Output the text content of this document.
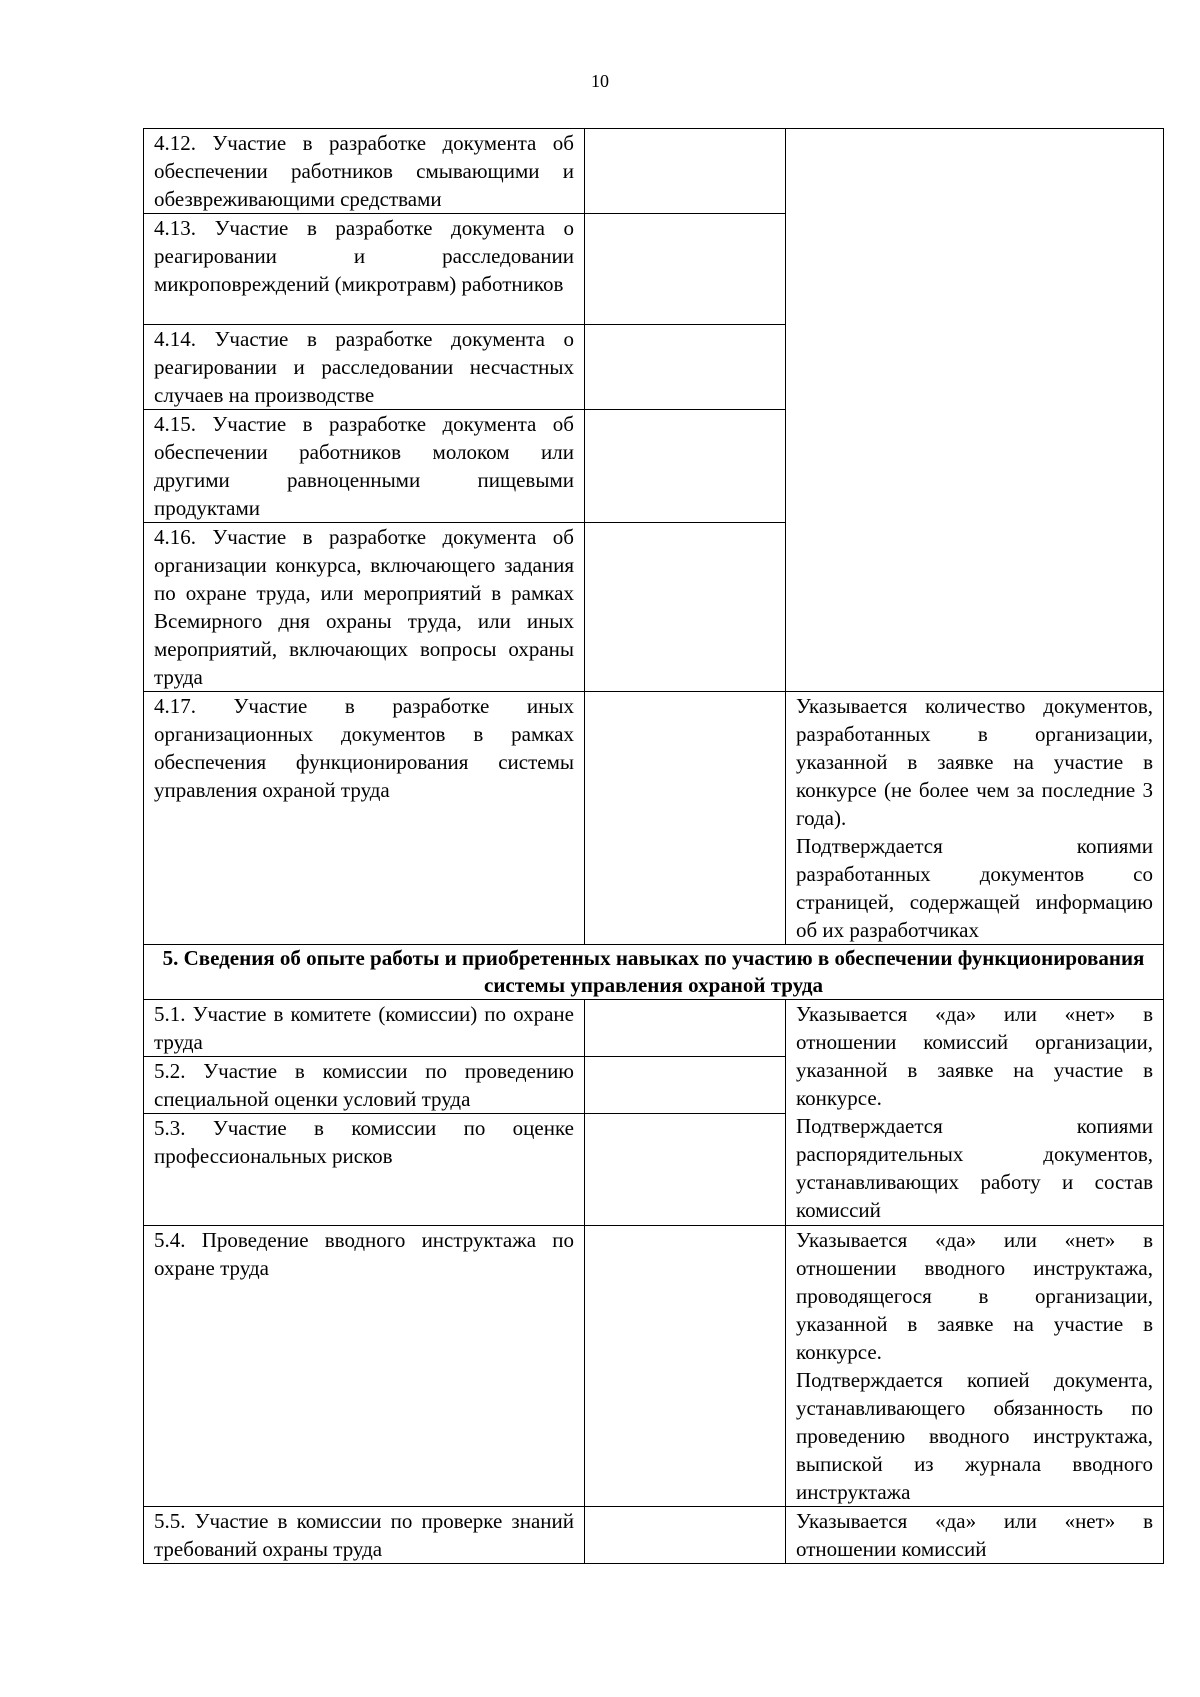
10
4.12. Участие в разработке документа об обеспечении работников смывающими и обезвреживающими средствами		
4.13. Участие в разработке документа о реагировании и расследовании микроповреждений (микротравм) работников		
4.14. Участие в разработке документа о реагировании и расследовании несчастных случаев на производстве		
4.15. Участие в разработке документа об обеспечении работников молоком или другими равноценными пищевыми продуктами		
4.16. Участие в разработке документа об организации конкурса, включающего задания по охране труда, или мероприятий в рамках Всемирного дня охраны труда, или иных мероприятий, включающих вопросы охраны труда		
4.17. Участие в разработке иных организационных документов в рамках обеспечения функционирования системы управления охраной труда		Указывается количество документов, разработанных в организации, указанной в заявке на участие в конкурсе (не более чем за последние 3 года).

Подтверждается копиями разработанных документов со страницей, содержащей информацию об их разработчиках

5. Сведения об опыте работы и приобретенных навыках по участию в обеспечении функционирования системы управления охраной труда		
5.1. Участие в комитете (комиссии) по охране труда		Указывается «да» или «нет» в отношении комиссий организации, указанной в заявке на участие в конкурсе.

Подтверждается копиями распорядительных документов, устанавливающих работу и состав комиссий

5.2. Участие в комиссии по проведению специальной оценки условий труда		
5.3. Участие в комиссии по оценке профессиональных рисков		
5.4. Проведение вводного инструктажа по охране труда		Указывается «да» или «нет» в отношении вводного инструктажа, проводящегося в организации, указанной в заявке на участие в конкурсе.

Подтверждается копией документа, устанавливающего обязанность по проведению вводного инструктажа, выпиской из журнала вводного инструктажа

5.5. Участие в комиссии по проверке знаний требований охраны труда		Указывается «да» или «нет» в отношении комиссий
